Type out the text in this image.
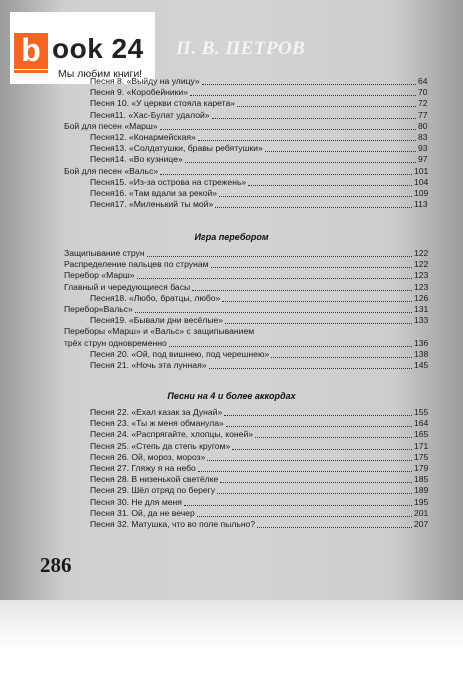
b ook 24
Мы любим книги!
П. В. ПЕТРОВ
Песня 8. «Выйду на улицу»	64
Песня 9. «Коробейники»	70
Песня 10. «У церкви стояла карета»	72
Песня11. «Хас-Булат удалой»	77
Бой для песен «Марш»	80
Песня12. «Конармейская»	83
Песня13. «Солдатушки, бравы ребятушки»	93
Песня14. «Во кузнице»	97
Бой для песен «Вальс»	101
Песня15. «Из-за острова на стрежень»	104
Песня16. «Там вдали за рекой»	109
Песня17. «Миленький ты мой»	113
Игра перебором
Защипывание струн	122
Распределение пальцев по струнам	122
Перебор «Марш»	123
Главный и чередующиеся басы	123
Песня18. «Любо, братцы, любо»	126
Перебор«Вальс»	131
Песня19. «Бывали дни весёлые»	133
Переборы «Марш» и «Вальс» с защипыванием
трёх струн одновременно	136
Песня 20. «Ой, под вишнею, под черешнею»	138
Песня 21. «Ночь эта лунная»	145
Песни на 4 и более аккордах
Песня 22. «Ехал казак за Дунай»	155
Песня 23. «Ты ж меня обманула»	164
Песня 24. «Распрягайте, хлопцы, коней»	165
Песня 25. «Степь да степь кругом»	171
Песня 26. Ой, мороз, мороз»	175
Песня 27. Гляжу я на небо	179
Песня 28. В низенькой светёлке	185
Песня 29. Шёл отряд по берегу	189
Песня 30. Не для меня	195
Песня 31. Ой, да не вечер	201
Песня 32. Матушка, что во поле пыльно?	207
286
